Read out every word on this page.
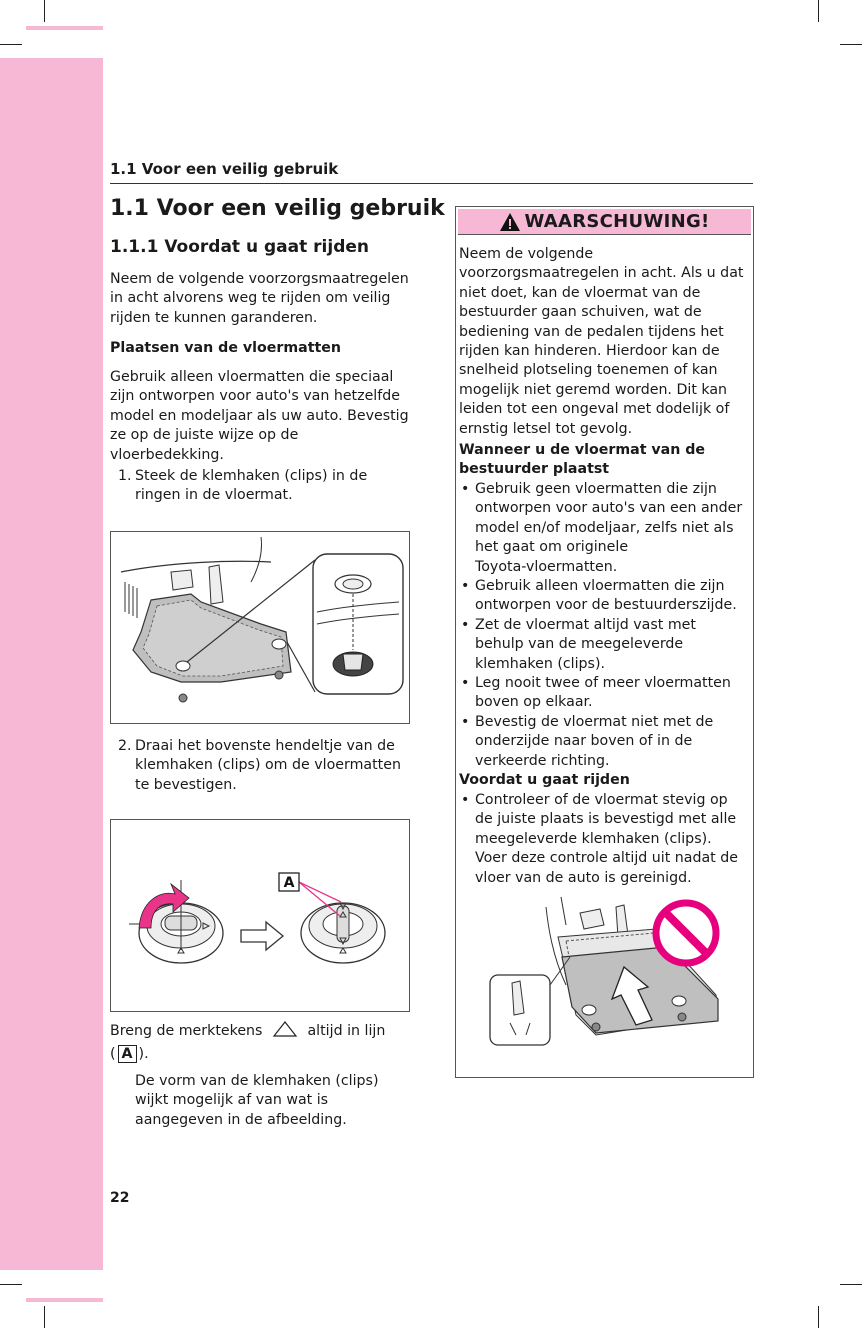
1.1 Voor een veilig gebruik
1.1 Voor een veilig gebruik
1.1.1 Voordat u gaat rijden
Neem de volgende voorzorgsmaatregelen
in acht alvorens weg te rijden om veilig
rijden te kunnen garanderen.
Plaatsen van de vloermatten
Gebruik alleen vloermatten die speciaal
zijn ontworpen voor auto's van hetzelfde
model en modeljaar als uw auto. Bevestig
ze op de juiste wijze op de
vloerbedekking.
1. Steek de klemhaken (clips) in de
ringen in de vloermat.
2. Draai het bovenste hendeltje van de
klemhaken (clips) om de vloermatten
te bevestigen.
A
Breng de merktekens	altijd in lijn
( A ).
De vorm van de klemhaken (clips)
wijkt mogelijk af van wat is
aangegeven in de afbeelding.
WAARSCHUWING!
Neem de volgende
voorzorgsmaatregelen in acht. Als u dat
niet doet, kan de vloermat van de
bestuurder gaan schuiven, wat de
bediening van de pedalen tijdens het
rijden kan hinderen. Hierdoor kan de
snelheid plotseling toenemen of kan
mogelijk niet geremd worden. Dit kan
leiden tot een ongeval met dodelijk of
ernstig letsel tot gevolg.
Wanneer u de vloermat van de
bestuurder plaatst
• Gebruik geen vloermatten die zijn
ontworpen voor auto's van een ander
model en/of modeljaar, zelfs niet als
het gaat om originele
Toyota-vloermatten.
• Gebruik alleen vloermatten die zijn
ontworpen voor de bestuurderszijde.
• Zet de vloermat altijd vast met
behulp van de meegeleverde
klemhaken (clips).
• Leg nooit twee of meer vloermatten
boven op elkaar.
• Bevestig de vloermat niet met de
onderzijde naar boven of in de
verkeerde richting.
Voordat u gaat rijden
• Controleer of de vloermat stevig op
de juiste plaats is bevestigd met alle
meegeleverde klemhaken (clips).
Voer deze controle altijd uit nadat de
vloer van de auto is gereinigd.
22
